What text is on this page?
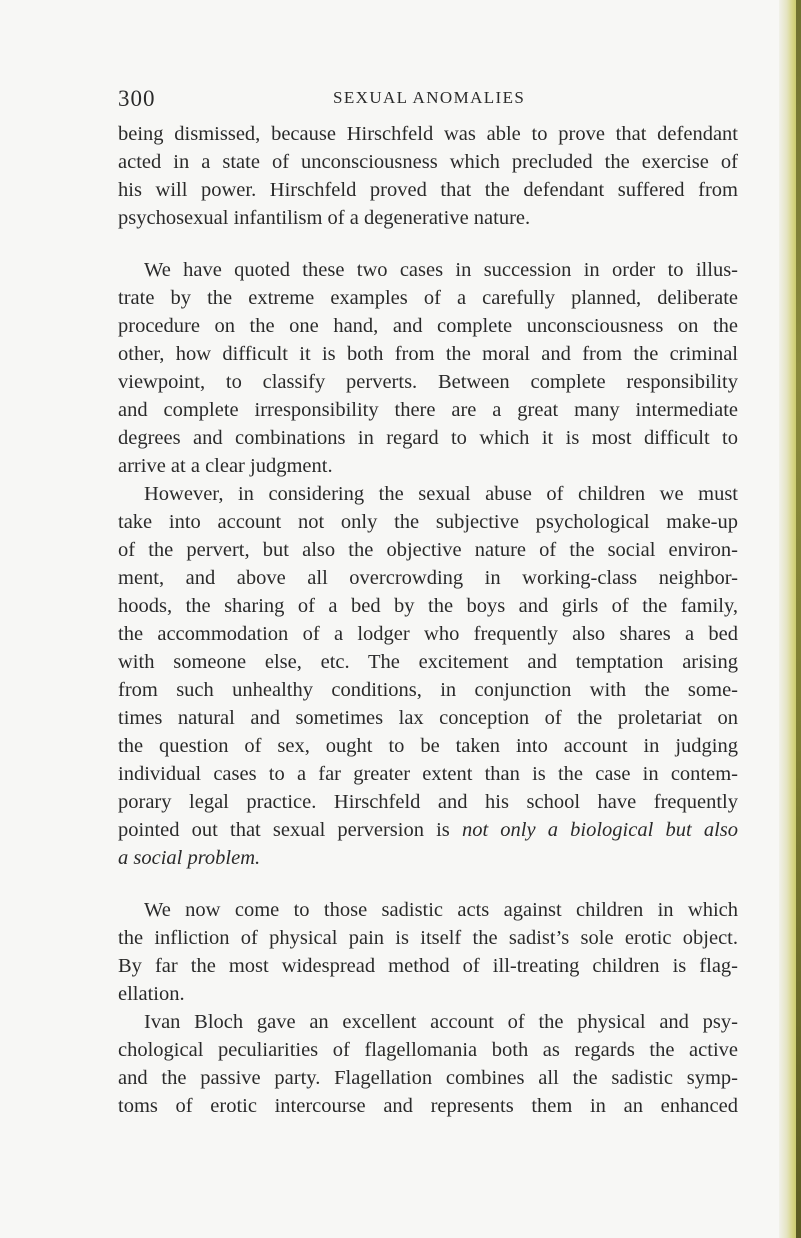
300	SEXUAL ANOMALIES
being dismissed, because Hirschfeld was able to prove that defendant
acted in a state of unconsciousness which precluded the exercise of
his will power. Hirschfeld proved that the defendant suffered from
psychosexual infantilism of a degenerative nature.
We have quoted these two cases in succession in order to illus-
trate by the extreme examples of a carefully planned, deliberate
procedure on the one hand, and complete unconsciousness on the
other, how difficult it is both from the moral and from the criminal
viewpoint, to classify perverts. Between complete responsibility
and complete irresponsibility there are a great many intermediate
degrees and combinations in regard to which it is most difficult to
arrive at a clear judgment.
However, in considering the sexual abuse of children we must
take into account not only the subjective psychological make-up
of the pervert, but also the objective nature of the social environ-
ment, and above all overcrowding in working-class neighbor-
hoods, the sharing of a bed by the boys and girls of the family,
the accommodation of a lodger who frequently also shares a bed
with someone else, etc. The excitement and temptation arising
from such unhealthy conditions, in conjunction with the some-
times natural and sometimes lax conception of the proletariat on
the question of sex, ought to be taken into account in judging
individual cases to a far greater extent than is the case in contem-
porary legal practice. Hirschfeld and his school have frequently
pointed out that sexual perversion is not only a biological but also
a social problem.
We now come to those sadistic acts against children in which
the infliction of physical pain is itself the sadist’s sole erotic object.
By far the most widespread method of ill-treating children is flag-
ellation.
Ivan Bloch gave an excellent account of the physical and psy-
chological peculiarities of flagellomania both as regards the active
and the passive party. Flagellation combines all the sadistic symp-
toms of erotic intercourse and represents them in an enhanced
